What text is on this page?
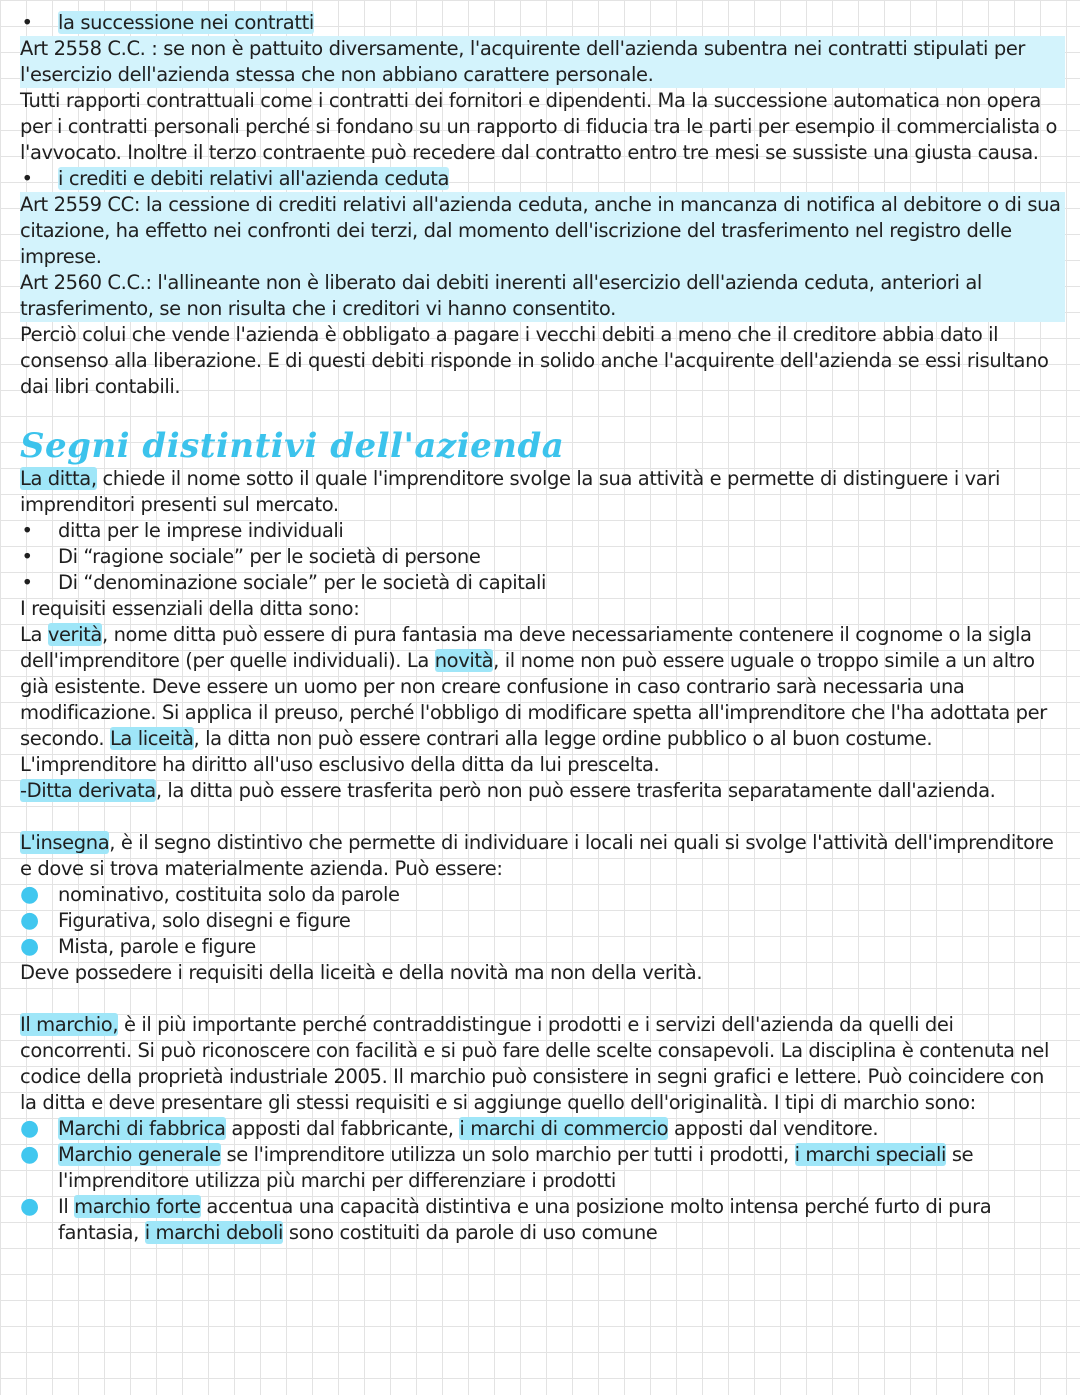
• la successione nei contratti

Art 2558 C.C. : se non è pattuito diversamente, l'acquirente dell'azienda subentra nei contratti stipulati per l'esercizio dell'azienda stessa che non abbiano carattere personale.

Tutti rapporti contrattuali come i contratti dei fornitori e dipendenti. Ma la successione automatica non opera per i contratti personali perché si fondano su un rapporto di fiducia tra le parti per esempio il commercialista o l'avvocato. Inoltre il terzo contraente può recedere dal contratto entro tre mesi se sussiste una giusta causa.

• i crediti e debiti relativi all'azienda ceduta

Art 2559 CC: la cessione di crediti relativi all'azienda ceduta, anche in mancanza di notifica al debitore o di sua citazione, ha effetto nei confronti dei terzi, dal momento dell'iscrizione del trasferimento nel registro delle imprese.

Art 2560 C.C.: l'allineante non è liberato dai debiti inerenti all'esercizio dell'azienda ceduta, anteriori al trasferimento, se non risulta che i creditori vi hanno consentito.

Perciò colui che vende l'azienda è obbligato a pagare i vecchi debiti a meno che il creditore abbia dato il consenso alla liberazione. E di questi debiti risponde in solido anche l'acquirente dell'azienda se essi risultano dai libri contabili.

Segni distintivi dell'azienda

La ditta, chiede il nome sotto il quale l'imprenditore svolge la sua attività e permette di distinguere i vari imprenditori presenti sul mercato.

• ditta per le imprese individuali
• Di “ragione sociale” per le società di persone
• Di “denominazione sociale” per le società di capitali

I requisiti essenziali della ditta sono:

La verità, nome ditta può essere di pura fantasia ma deve necessariamente contenere il cognome o la sigla dell'imprenditore (per quelle individuali). La novità, il nome non può essere uguale o troppo simile a un altro già esistente. Deve essere un uomo per non creare confusione in caso contrario sarà necessaria una modificazione. Si applica il preuso, perché l'obbligo di modificare spetta all'imprenditore che l'ha adottata per secondo. La liceità, la ditta non può essere contrari alla legge ordine pubblico o al buon costume.

L'imprenditore ha diritto all'uso esclusivo della ditta da lui prescelta.

-Ditta derivata, la ditta può essere trasferita però non può essere trasferita separatamente dall'azienda.

L'insegna, è il segno distintivo che permette di individuare i locali nei quali si svolge l'attività dell'imprenditore e dove si trova materialmente azienda. Può essere:

● nominativo, costituita solo da parole
● Figurativa, solo disegni e figure
● Mista, parole e figure

Deve possedere i requisiti della liceità e della novità ma non della verità.

Il marchio, è il più importante perché contraddistingue i prodotti e i servizi dell'azienda da quelli dei concorrenti. Si può riconoscere con facilità e si può fare delle scelte consapevoli. La disciplina è contenuta nel codice della proprietà industriale 2005. Il marchio può consistere in segni grafici e lettere. Può coincidere con la ditta e deve presentare gli stessi requisiti e si aggiunge quello dell'originalità. I tipi di marchio sono:

● Marchi di fabbrica apposti dal fabbricante, i marchi di commercio apposti dal venditore.
● Marchio generale se l'imprenditore utilizza un solo marchio per tutti i prodotti, i marchi speciali se l'imprenditore utilizza più marchi per differenziare i prodotti
● Il marchio forte accentua una capacità distintiva e una posizione molto intensa perché furto di pura fantasia, i marchi deboli sono costituiti da parole di uso comune
